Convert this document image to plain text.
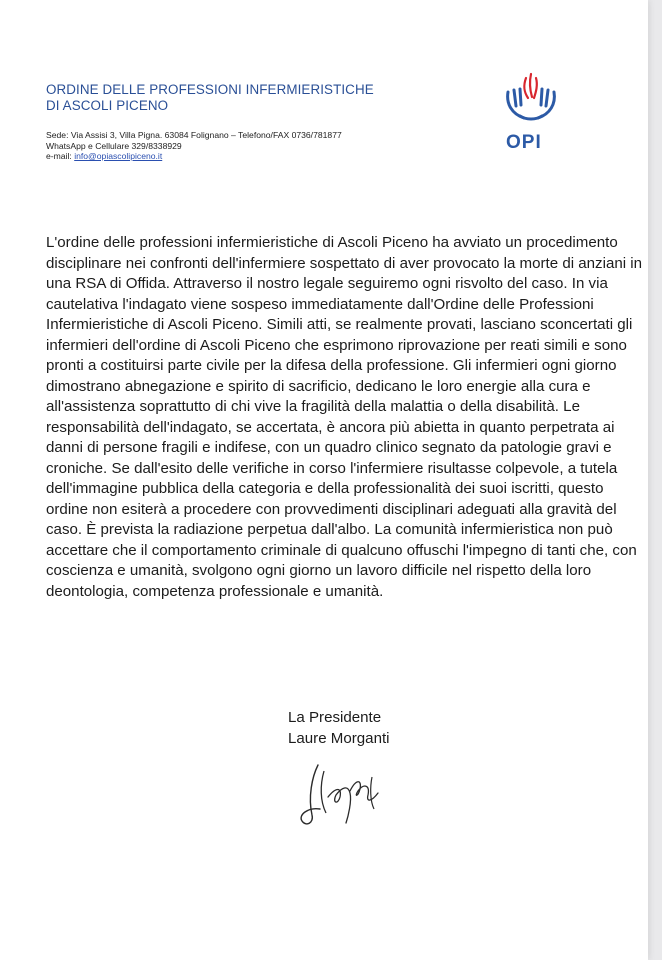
ORDINE DELLE PROFESSIONI INFERMIERISTICHE
DI ASCOLI PICENO
Sede: Via Assisi 3, Villa Pigna. 63084 Folignano – Telefono/FAX 0736/781877
WhatsApp e Cellulare 329/8338929
e-mail: info@opiascolipiceno.it
OPI

L'ordine delle professioni infermieristiche di Ascoli Piceno ha avviato un procedimento disciplinare nei confronti dell'infermiere sospettato di aver provocato la morte di anziani in una RSA di Offida. Attraverso il nostro legale seguiremo ogni risvolto del caso. In via cautelativa l'indagato viene sospeso immediatamente dall'Ordine delle Professioni Infermieristiche di Ascoli Piceno. Simili atti, se realmente provati, lasciano sconcertati gli infermieri dell'ordine di Ascoli Piceno che esprimono riprovazione per reati simili e sono pronti a costituirsi parte civile per la difesa della professione. Gli infermieri ogni giorno dimostrano abnegazione e spirito di sacrificio, dedicano le loro energie alla cura e all'assistenza soprattutto di chi vive la fragilità della malattia o della disabilità. Le responsabilità dell'indagato, se accertata, è ancora più abietta in quanto perpetrata ai danni di persone fragili e indifese, con un quadro clinico segnato da patologie gravi e croniche. Se dall'esito delle verifiche in corso l'infermiere risultasse colpevole, a tutela dell'immagine pubblica della categoria e della professionalità dei suoi iscritti, questo ordine non esiterà a procedere con provvedimenti disciplinari adeguati alla gravità del caso. È prevista la radiazione perpetua dall'albo. La comunità infermieristica non può accettare che il comportamento criminale di qualcuno offuschi l'impegno di tanti che, con coscienza e umanità, svolgono ogni giorno un lavoro difficile nel rispetto della loro deontologia, competenza professionale e umanità.

La Presidente
Laure Morganti
